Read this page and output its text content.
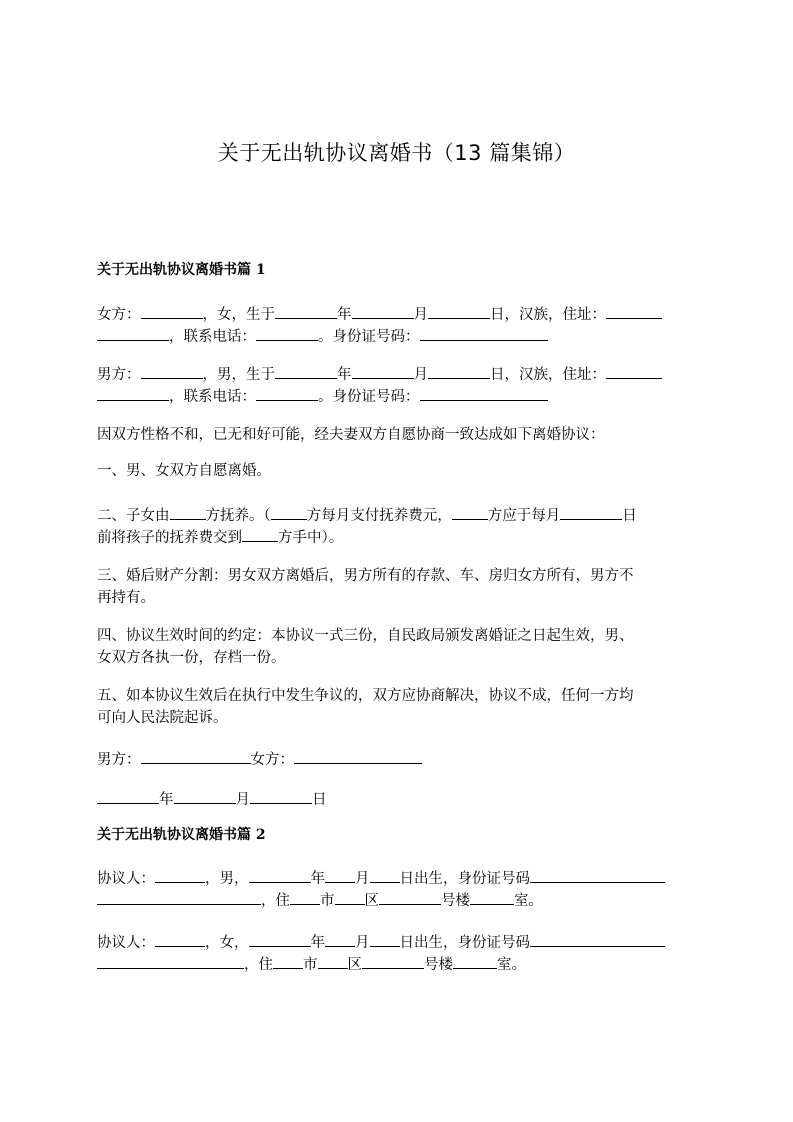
关于无出轨协议离婚书（13 篇集锦）
关于无出轨协议离婚书篇 1
女方：	，女，生于	年	月	日，汉族，住址：
，联系电话：	。身份证号码：
男方：	，男，生于	年	月	日，汉族，住址：
，联系电话：	。身份证号码：
因双方性格不和，已无和好可能，经夫妻双方自愿协商一致达成如下离婚协议：
一、男、女双方自愿离婚。
二、子女由 方抚养。（ 方每月支付抚养费元， 方应于每月	日
前将孩子的抚养费交到 方手中）。
三、婚后财产分割：男女双方离婚后，男方所有的存款、车、房归女方所有，男方不
再持有。
四、协议生效时间的约定：本协议一式三份，自民政局颁发离婚证之日起生效，男、
女双方各执一份，存档一份。
五、如本协议生效后在执行中发生争议的，双方应协商解决，协议不成，任何一方均
可向人民法院起诉。
男方：	女方：
年	月	日
关于无出轨协议离婚书篇 2
协议人：	，男，	年 月 日出生，身份证号码
，住 市 区	号楼	室。
协议人：	，女，	年 月 日出生，身份证号码
，住 市 区	号楼	室。
